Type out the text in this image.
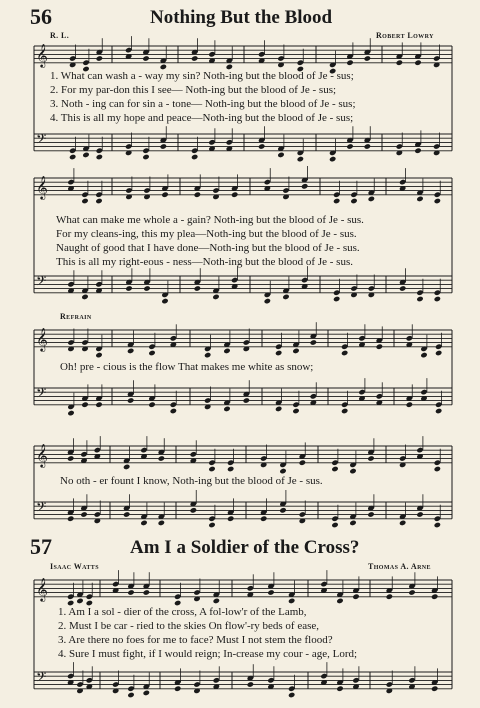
56	Nothing But the Blood
R. L.	Robert Lowry
𝄞
𝄢
𝄞
𝄢
𝄞
𝄢
𝄞
𝄢
𝄞
𝄢
1. What can wash a - way my sin? Noth-ing but the blood of Je - sus;
2. For my par-don this I see— Noth-ing but the blood of Je - sus;
3. Noth - ing can for sin a - tone— Noth-ing but the blood of Je - sus;
4. This is all my hope and peace—Noth-ing but the blood of Je - sus;
What can make me whole a - gain? Noth-ing but the blood of Je - sus.
For my cleans-ing, this my plea—Noth-ing but the blood of Je - sus.
Naught of good that I have done—Noth-ing but the blood of Je - sus.
This is all my right-eous - ness—Noth-ing but the blood of Je - sus.
Refrain
Oh! pre - cious is the flow That makes me white as snow;
No oth - er fount I know, Noth-ing but the blood of Je - sus.
57	Am I a Soldier of the Cross?
Isaac Watts	Thomas A. Arne
1. Am I a sol - dier of the cross, A fol-low'r of the Lamb,
2. Must I be car - ried to the skies On flow'-ry beds of ease,
3. Are there no foes for me to face? Must I not stem the flood?
4. Sure I must fight, if I would reign; In-crease my cour - age, Lord;
